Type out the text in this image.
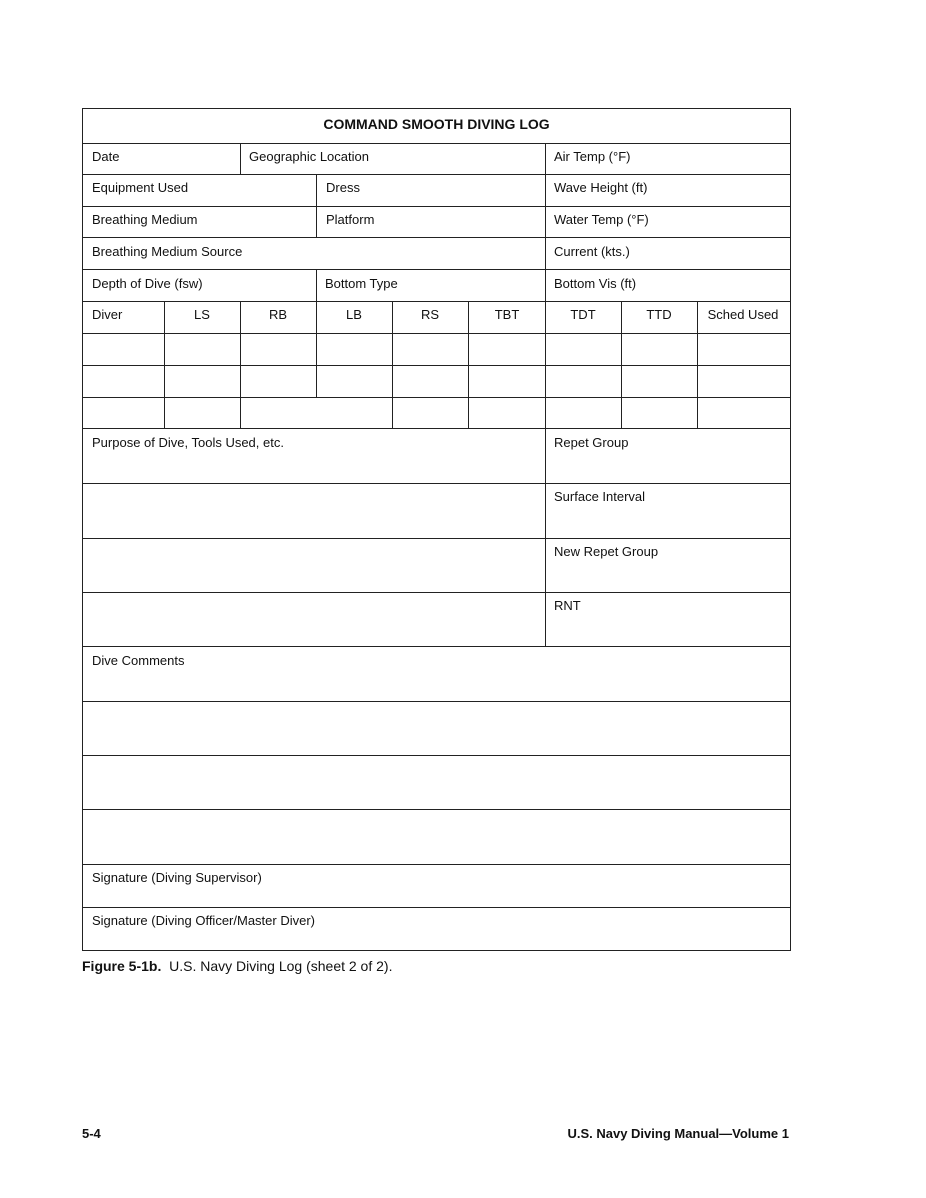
COMMAND SMOOTH DIVING LOG
Date	Geographic Location	Air Temp (°F)
Equipment Used	Dress	Wave Height (ft)
Breathing Medium	Platform	Water Temp (°F)
Breathing Medium Source	Current (kts.)
Depth of Dive (fsw)	Bottom Type	Bottom Vis (ft)
Diver	LS	RB	LB	RS	TBT	TDT	TTD	Sched Used
Purpose of Dive, Tools Used, etc.	Repet Group
Surface Interval
New Repet Group
RNT
Dive Comments
Signature (Diving Supervisor)
Signature (Diving Officer/Master Diver)
Figure 5-1b. U.S. Navy Diving Log (sheet 2 of 2).
5-4	U.S. Navy Diving Manual—Volume 1
